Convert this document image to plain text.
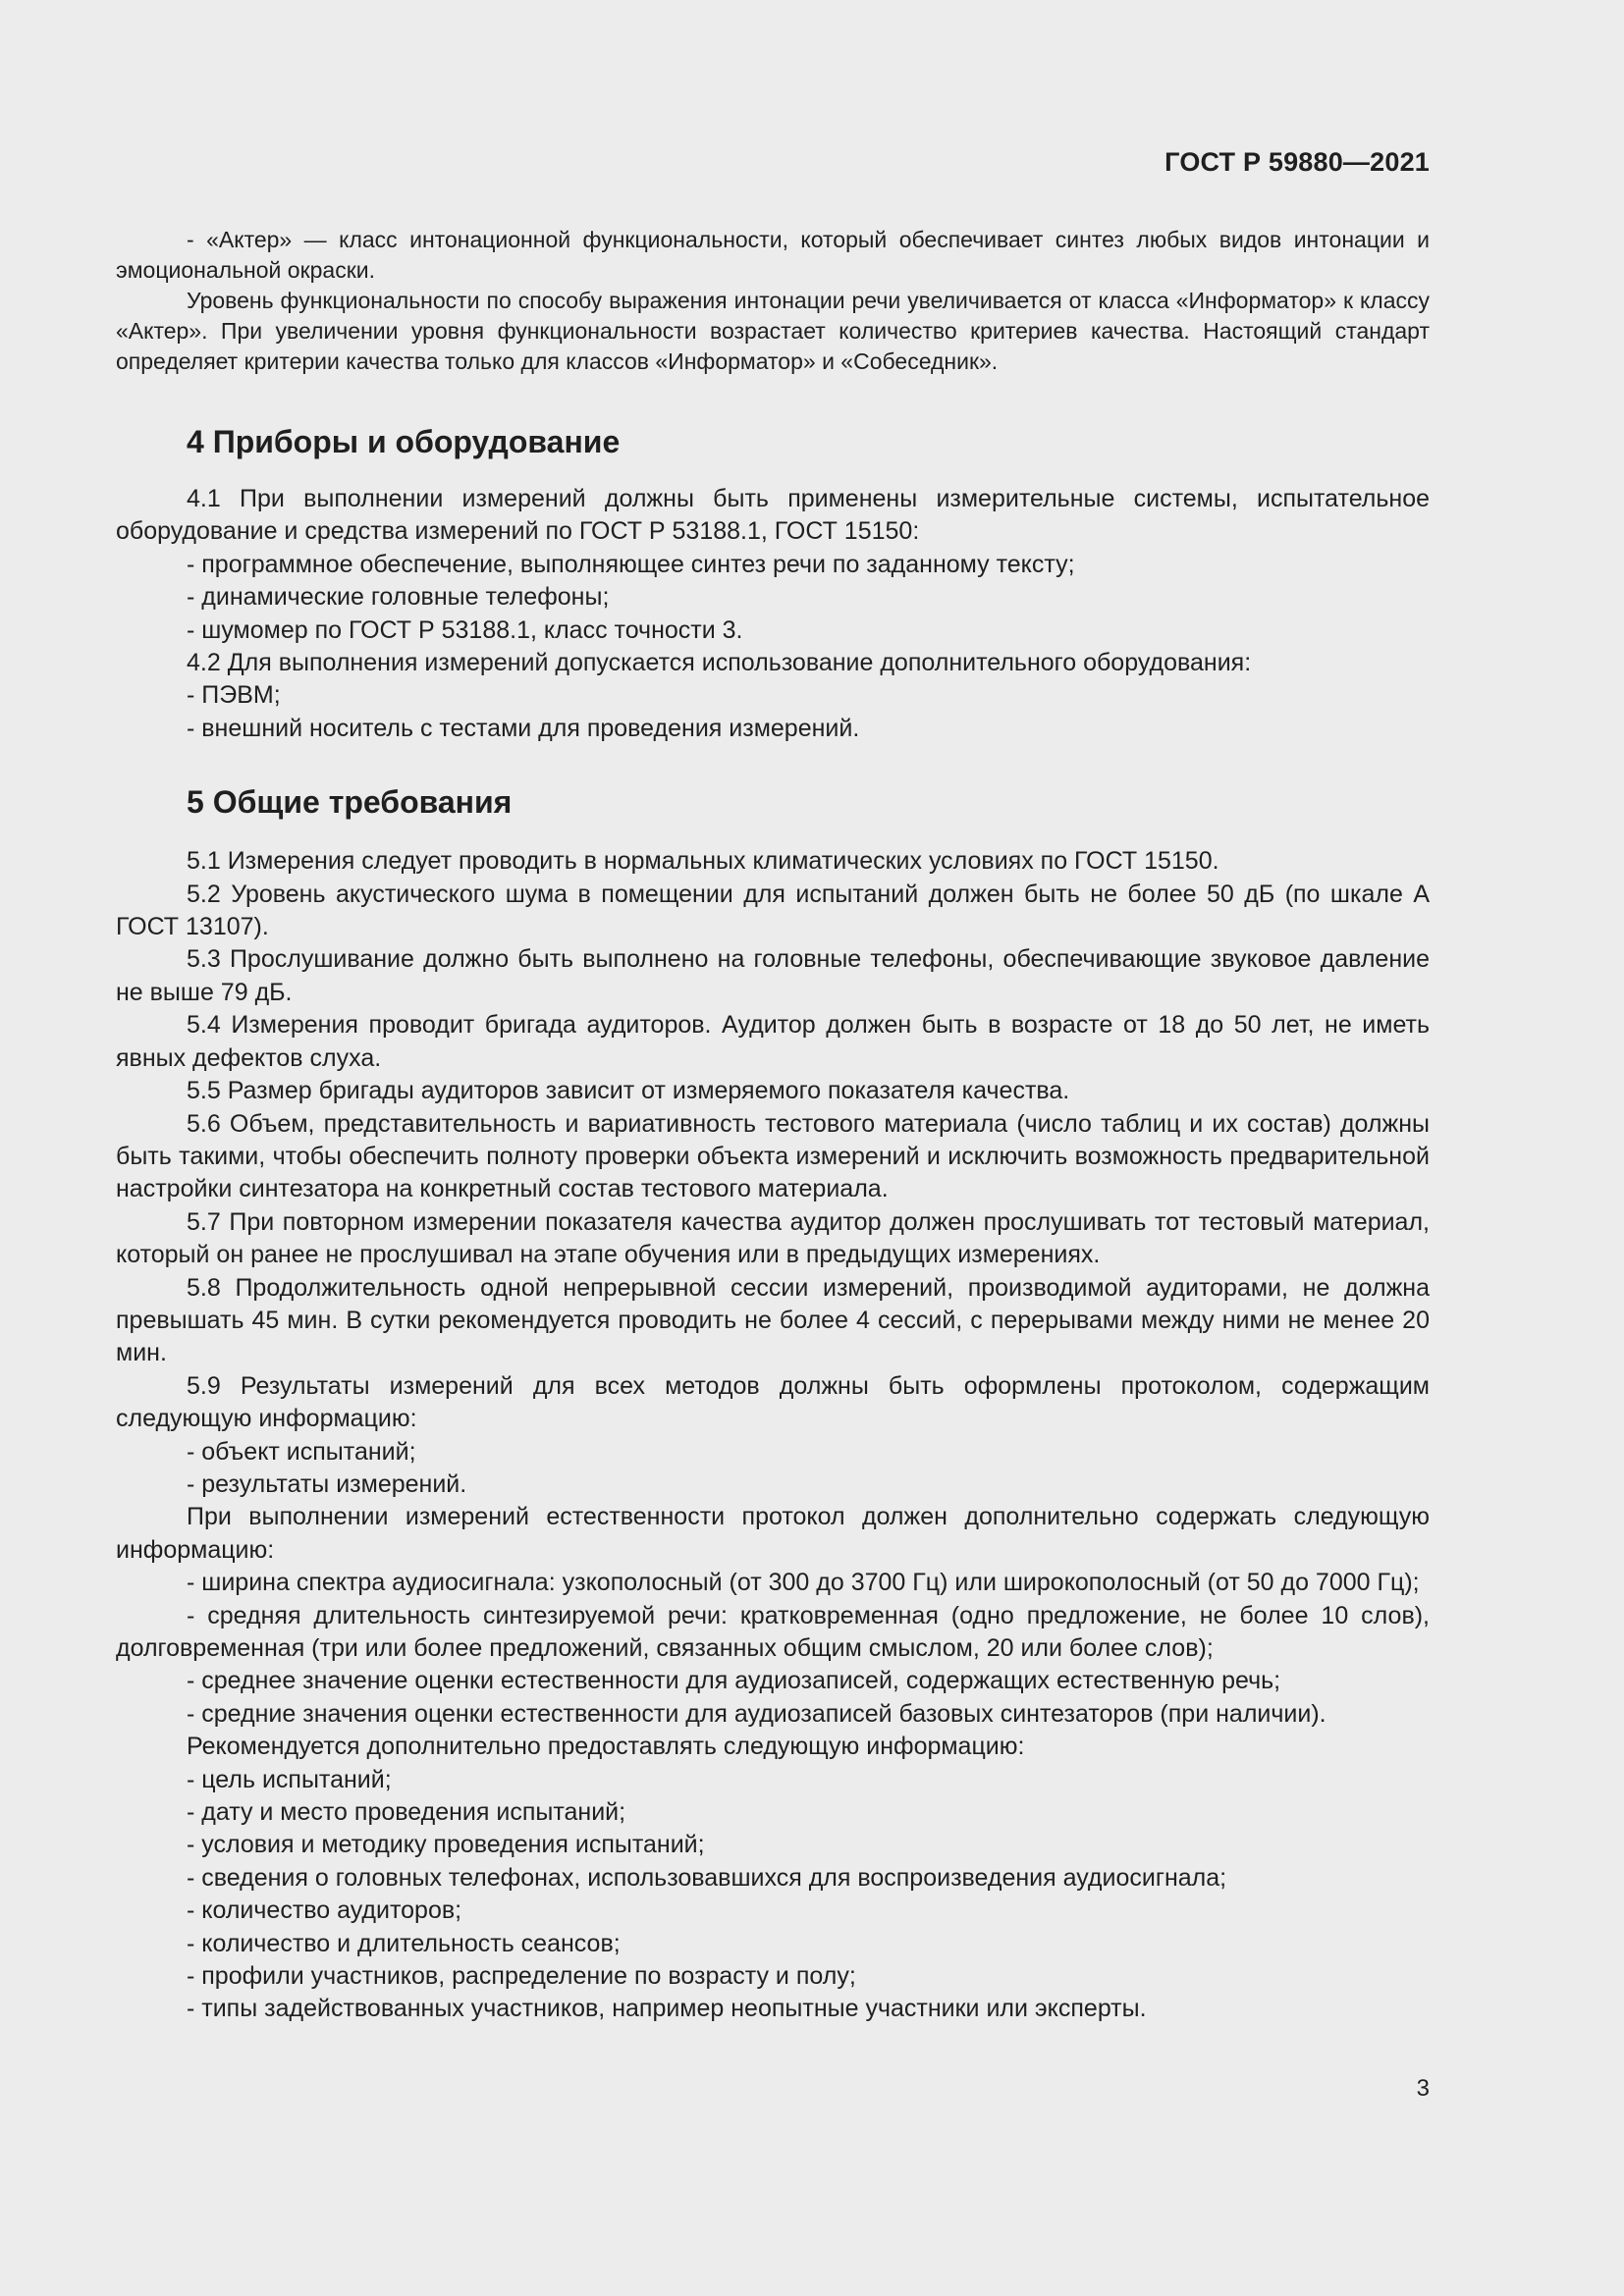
ГОСТ Р 59880—2021

- «Актер» — класс интонационной функциональности, который обеспечивает синтез любых видов интонации и эмоциональной окраски.

Уровень функциональности по способу выражения интонации речи увеличивается от класса «Информатор» к классу «Актер». При увеличении уровня функциональности возрастает количество критериев качества. Настоящий стандарт определяет критерии качества только для классов «Информатор» и «Собеседник».

4 Приборы и оборудование

4.1 При выполнении измерений должны быть применены измерительные системы, испытательное оборудование и средства измерений по ГОСТ Р 53188.1, ГОСТ 15150:

- программное обеспечение, выполняющее синтез речи по заданному тексту;

- динамические головные телефоны;

- шумомер по ГОСТ Р 53188.1, класс точности 3.

4.2 Для выполнения измерений допускается использование дополнительного оборудования:

- ПЭВМ;

- внешний носитель с тестами для проведения измерений.

5 Общие требования

5.1 Измерения следует проводить в нормальных климатических условиях по ГОСТ 15150.

5.2 Уровень акустического шума в помещении для испытаний должен быть не более 50 дБ (по шкале А ГОСТ 13107).

5.3 Прослушивание должно быть выполнено на головные телефоны, обеспечивающие звуковое давление не выше 79 дБ.

5.4 Измерения проводит бригада аудиторов. Аудитор должен быть в возрасте от 18 до 50 лет, не иметь явных дефектов слуха.

5.5 Размер бригады аудиторов зависит от измеряемого показателя качества.

5.6 Объем, представительность и вариативность тестового материала (число таблиц и их состав) должны быть такими, чтобы обеспечить полноту проверки объекта измерений и исключить возможность предварительной настройки синтезатора на конкретный состав тестового материала.

5.7 При повторном измерении показателя качества аудитор должен прослушивать тот тестовый материал, который он ранее не прослушивал на этапе обучения или в предыдущих измерениях.

5.8 Продолжительность одной непрерывной сессии измерений, производимой аудиторами, не должна превышать 45 мин. В сутки рекомендуется проводить не более 4 сессий, с перерывами между ними не менее 20 мин.

5.9 Результаты измерений для всех методов должны быть оформлены протоколом, содержащим следующую информацию:

- объект испытаний;

- результаты измерений.

При выполнении измерений естественности протокол должен дополнительно содержать следующую информацию:

- ширина спектра аудиосигнала: узкополосный (от 300 до 3700 Гц) или широкополосный (от 50 до 7000 Гц);

- средняя длительность синтезируемой речи: кратковременная (одно предложение, не более 10 слов), долговременная (три или более предложений, связанных общим смыслом, 20 или более слов);

- среднее значение оценки естественности для аудиозаписей, содержащих естественную речь;

- средние значения оценки естественности для аудиозаписей базовых синтезаторов (при наличии).

Рекомендуется дополнительно предоставлять следующую информацию:

- цель испытаний;

- дату и место проведения испытаний;

- условия и методику проведения испытаний;

- сведения о головных телефонах, использовавшихся для воспроизведения аудиосигнала;

- количество аудиторов;

- количество и длительность сеансов;

- профили участников, распределение по возрасту и полу;

- типы задействованных участников, например неопытные участники или эксперты.

3
